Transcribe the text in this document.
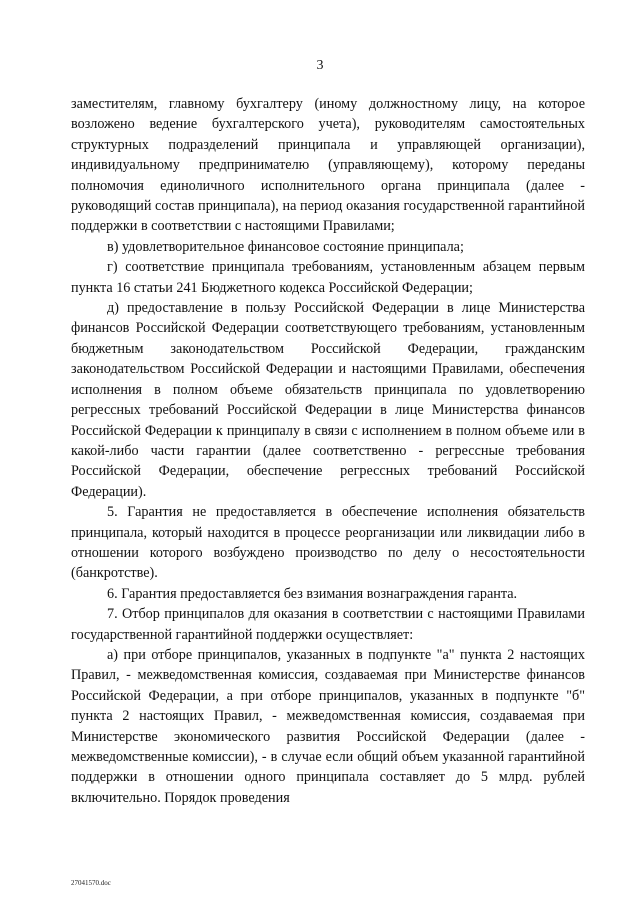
3

заместителям, главному бухгалтеру (иному должностному лицу, на которое возложено ведение бухгалтерского учета), руководителям самостоятельных структурных подразделений принципала и управляющей организации), индивидуальному предпринимателю (управляющему), которому переданы полномочия единоличного исполнительного органа принципала (далее - руководящий состав принципала), на период оказания государственной гарантийной поддержки в соответствии с настоящими Правилами;

в) удовлетворительное финансовое состояние принципала;

г) соответствие принципала требованиям, установленным абзацем первым пункта 16 статьи 241 Бюджетного кодекса Российской Федерации;

д) предоставление в пользу Российской Федерации в лице Министерства финансов Российской Федерации соответствующего требованиям, установленным бюджетным законодательством Российской Федерации, гражданским законодательством Российской Федерации и настоящими Правилами, обеспечения исполнения в полном объеме обязательств принципала по удовлетворению регрессных требований Российской Федерации в лице Министерства финансов Российской Федерации к принципалу в связи с исполнением в полном объеме или в какой-либо части гарантии (далее соответственно - регрессные требования Российской Федерации, обеспечение регрессных требований Российской Федерации).

5. Гарантия не предоставляется в обеспечение исполнения обязательств принципала, который находится в процессе реорганизации или ликвидации либо в отношении которого возбуждено производство по делу о несостоятельности (банкротстве).

6. Гарантия предоставляется без взимания вознаграждения гаранта.

7. Отбор принципалов для оказания в соответствии с настоящими Правилами государственной гарантийной поддержки осуществляет:

а) при отборе принципалов, указанных в подпункте "а" пункта 2 настоящих Правил, - межведомственная комиссия, создаваемая при Министерстве финансов Российской Федерации, а при отборе принципалов, указанных в подпункте "б" пункта 2 настоящих Правил, - межведомственная комиссия, создаваемая при Министерстве экономического развития Российской Федерации (далее - межведомственные комиссии), - в случае если общий объем указанной гарантийной поддержки в отношении одного принципала составляет до 5 млрд. рублей включительно. Порядок проведения

27041570.doc
